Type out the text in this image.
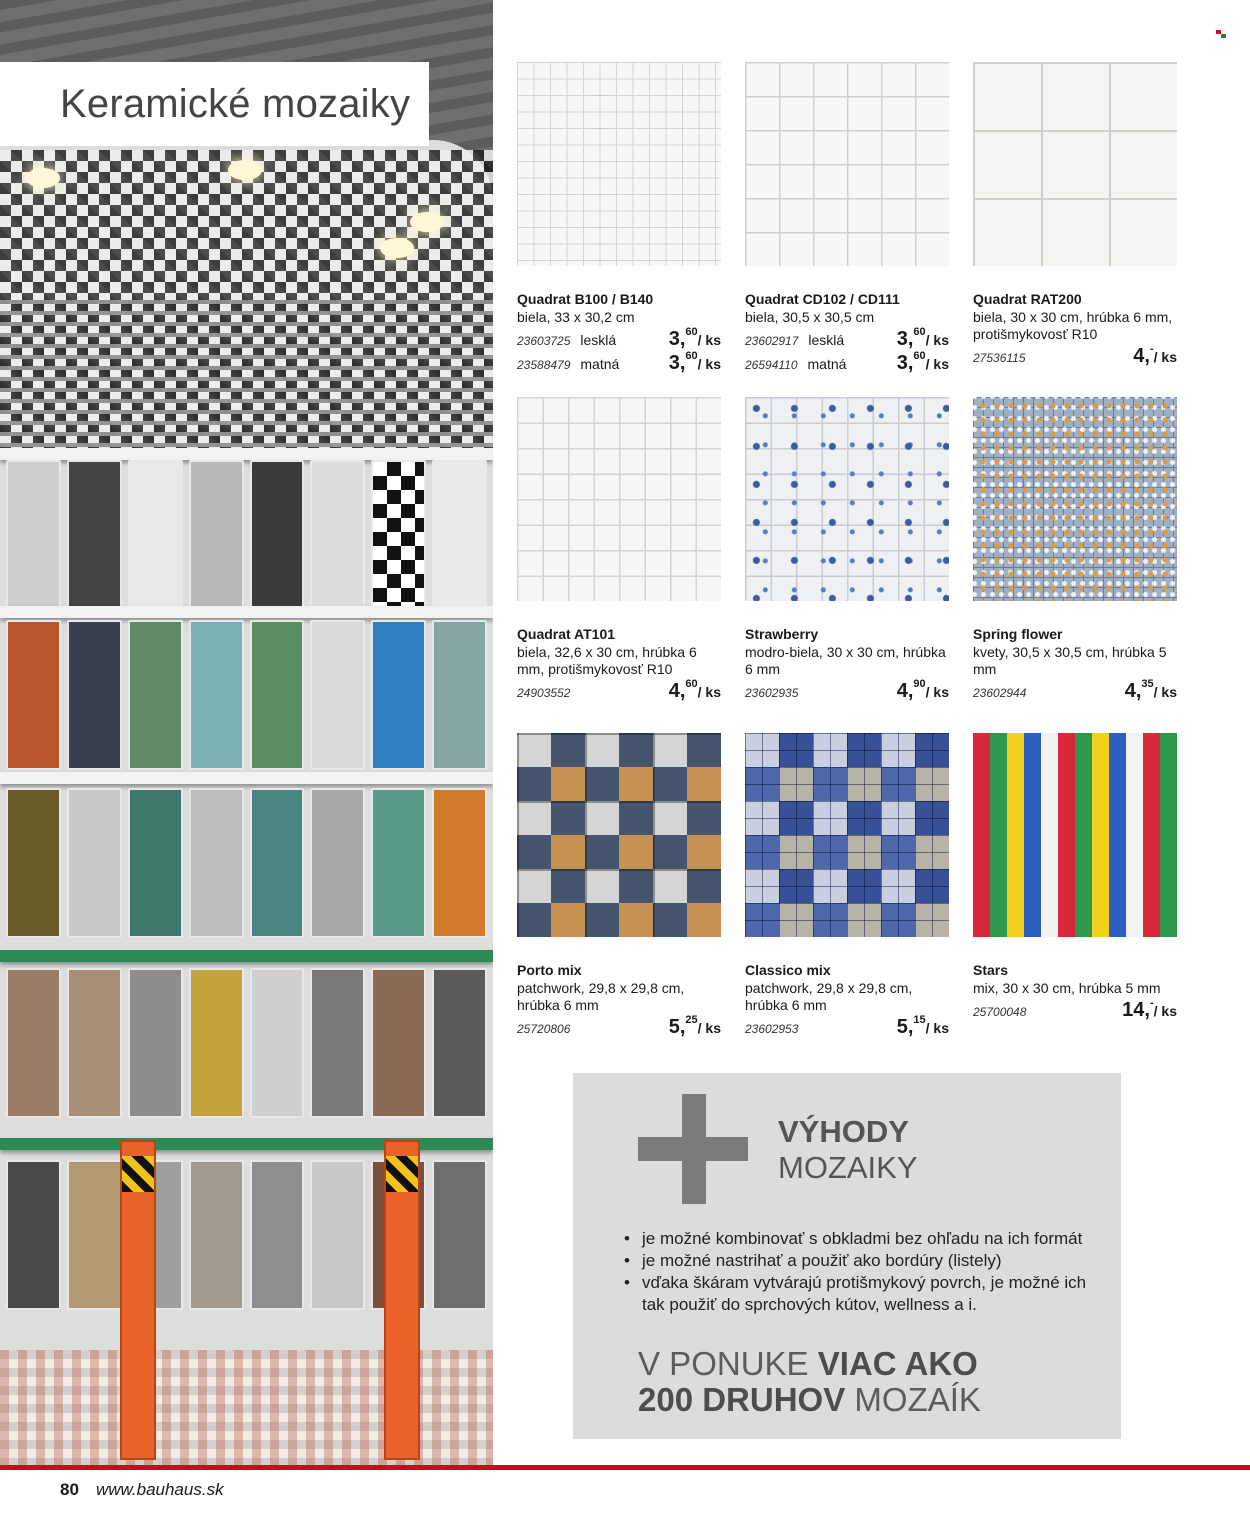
Keramické mozaiky
Quadrat B100 / B140
biela, 33 x 30,2 cm
23603725 lesklá	3,60/ ks
23588479 matná	3,60/ ks
Quadrat CD102 / CD111
biela, 30,5 x 30,5 cm
23602917 lesklá	3,60/ ks
26594110 matná	3,60/ ks
Quadrat RAT200
biela, 30 x 30 cm, hrúbka 6 mm, protišmykovosť R10
27536115	4,-/ ks
Quadrat AT101
biela, 32,6 x 30 cm, hrúbka 6 mm, protišmykovosť R10
24903552	4,60/ ks
Strawberry
modro-biela, 30 x 30 cm, hrúbka 6 mm
23602935	4,90/ ks
Spring flower
kvety, 30,5 x 30,5 cm, hrúbka 5 mm
23602944	4,35/ ks
Porto mix
patchwork, 29,8 x 29,8 cm, hrúbka 6 mm
25720806	5,25/ ks
Classico mix
patchwork, 29,8 x 29,8 cm, hrúbka 6 mm
23602953	5,15/ ks
Stars
mix, 30 x 30 cm, hrúbka 5 mm
25700048	14,-/ ks
VÝHODY
MOZAIKY
• je možné kombinovať s obkladmi bez ohľadu na ich formát
• je možné nastrihať a použiť ako bordúry (listely)
• vďaka škáram vytvárajú protišmykový povrch, je možné ich tak použiť do sprchových kútov, wellness a i.
V PONUKE VIAC AKO
200 DRUHOV MOZAÍK
80 www.bauhaus.sk
